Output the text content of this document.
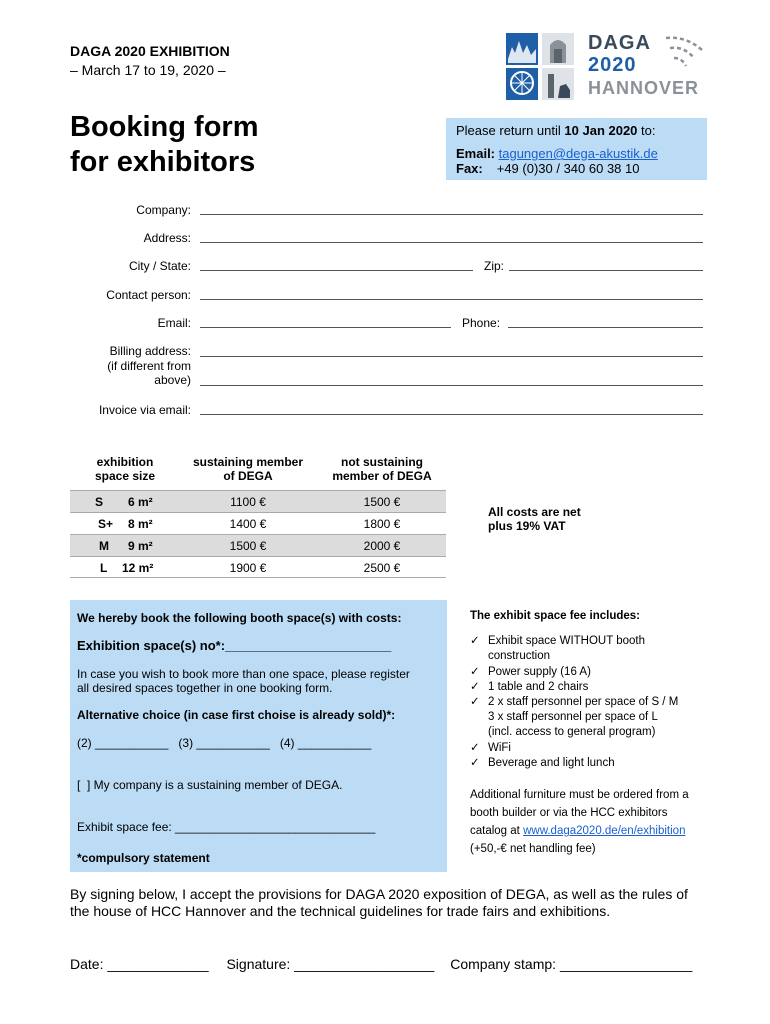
DAGA 2020 EXHIBITION
– March 17 to 19, 2020 –
DAGA
2020
HANNOVER
Booking form
for exhibitors
Please return until 10 Jan 2020 to:
Email: tagungen@dega-akustik.de
Fax: +49 (0)30 / 340 60 38 10
Company:
Address:
City / State:	Zip:
Contact person:
Email:	Phone:
Billing address:
(if different from
above)
Invoice via email:
exhibition
space size
sustaining member
of DEGA
not sustaining
member of DEGA
S 6 m²	1100 €	1500 €
S+ 8 m²	1400 €	1800 €
M 9 m²	1500 €	2000 €
L 12 m²	1900 €	2500 €
All costs are net
plus 19% VAT
We hereby book the following booth space(s) with costs:
Exhibition space(s) no*:_______________________
In case you wish to book more than one space, please register
all desired spaces together in one booking form.
Alternative choice (in case first choise is already sold)*:
(2) ___________   (3) ___________   (4) ___________
[  ] My company is a sustaining member of DEGA.
Exhibit space fee: ______________________________
*compulsory statement
The exhibit space fee includes:
✓ Exhibit space WITHOUT booth
construction
✓ Power supply (16 A)
✓ 1 table and 2 chairs
✓ 2 x staff personnel per space of S / M
3 x staff personnel per space of L
(incl. access to general program)
✓ WiFi
✓ Beverage and light lunch
Additional furniture must be ordered from a
booth builder or via the HCC exhibitors
catalog at www.daga2020.de/en/exhibition
(+50,-€ net handling fee)
By signing below, I accept the provisions for DAGA 2020 exposition of DEGA, as well as the rules of
the house of HCC Hannover and the technical guidelines for trade fairs and exhibitions.
Date: _____________ Signature: __________________ Company stamp: _________________
